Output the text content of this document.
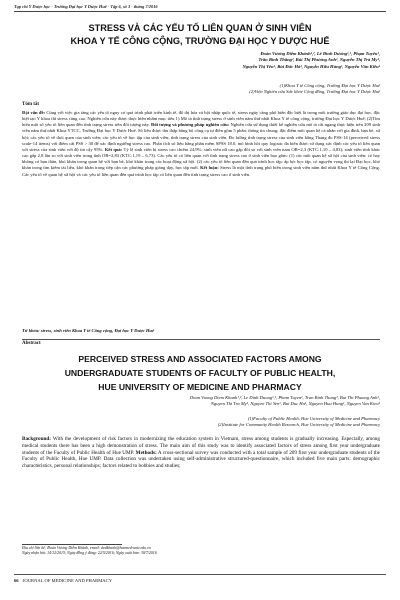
Tạp chí Y Dược học - Trường Đại học Y Dược Huế - Tập 6, số 3 - tháng 7/2016
STRESS VÀ CÁC YẾU TỐ LIÊN QUAN Ở SINH VIÊN
KHOA Y TẾ CÔNG CỘNG, TRƯỜNG ĐẠI HỌC Y DƯỢC HUẾ
Đoàn Vương Diễm Khánh¹,², Lê Đình Dương¹,², Phạm Tuyên¹,
Trần Bình Thắng², Bùi Thị Phương Anh¹, Nguyễn Thị Trà My¹,
Nguyễn Thị Yên¹, Bùi Đức Hà¹, Nguyễn Hữu Hùng¹, Nguyễn Văn Kiều¹
(1)Khoa Y tế Công cộng, Trường Đại học Y Dược Huế
(2)Viện Nghiên cứu Sức khỏe Cộng đồng, Trường Đại học Y Dược Huế
Tóm tắt

Đặt vấn đề: Cùng với việc gia tăng các yếu tố nguy cơ quá trình phát triển kinh tế, đô thị hóa và hội nhập quốc tế, stress ngày càng phổ biến đặc biệt là trong môi trường giáo dục đại học, đặc biệt tạo Y khoa thì stress càng cao. Nghiên cứu này được thực hiện nhằm mục tiêu 1) Mô tả tình trạng stress ở sinh viên năm thứ nhất Khoa Y tế công cộng, trường Đại học Y Dược Huế; (2)Tìm hiểu một số yếu tố liên quan đến tình trạng stress trên đối tượng này. Đối tượng và phương pháp nghiên cứu: Nghiên cứu sử dụng thiết kế nghiên cứu mô tả cắt ngang thực hiện trên 209 sinh viên năm thứ nhất Khoa YTCC, Trường Đại học Y Dược Huế. Số liệu được thu thập bằng bộ công cụ tự điền gồm 5 phần: thông tin chung; đặc điểm mối quan hệ cá nhân với gia đình, bạn bè, xã hội; các yếu tố về thói quen của sinh viên; các yếu tố về học tập của sinh viên; tình trạng stress của sinh viên. Đo lường tình trạng stress của sinh viên bằng Thang đo PSS-14 (perceived stress scale-14 items) với điểm cắt PSS > 30 để xác định ngưỡng stress cao. Phân tích số liệu bằng phần mềm SPSS 18.0, mô hình hồi quy logistic đa biến được sử dụng xác định các yếu tố liên quan với stress của sinh viên với độ tin cậy 95%. Kết quả: Tỷ lệ sinh viên bị stress cao chiếm 24,9%; sinh viên nữ cao gấp đôi so với sinh viên nam OR=2,3 (KTC:1,10 – 4,83); sinh viên tính khác cao gấp 2,8 lần so với sinh viên trong tỉnh OR=2,83 (KTC:1,19 – 6,73). Các yếu tố có liên quan với tình trạng stress cao ở sinh viên bao gồm: (1) các mối quan hệ xã hội của sinh viên: có hay không có bạn thân, khó khăn trong quan hệ với bạn bè, khó khăn trong các hoạt động xã hội. (2) các yếu tố liên quan đến quá trình học tập: áp lực học tập, có nguyện vọng thi lại Đại học, khó khăn trong tìm kiếm tài liệu, khó khăn trong tiếp cận các phương pháp giảng dạy, học tập mới. Kết luận: Stress là một tình trạng phổ biến trong sinh viên năm thứ nhất Khoa Y tế Công Cộng. Các yếu tố về quan hệ xã hội và các yếu tố liên quan đến quá trình học tập có liên quan đến tình trạng stress cao ở sinh viên.

Từ khóa: stress, sinh viên Khoa Y tế Công cộng, Đại học Y Dược Huế
Abstract
PERCEIVED STRESS AND ASSOCIATED FACTORS AMONG
UNDERGRADUATE STUDENTS OF FACULTY OF PUBLIC HEALTH,
HUE UNIVERSITY OF MEDICINE AND PHARMACY
Doan Vuong Diem Khanh¹,², Le Dinh Duong¹,², Pham Tuyen¹, Tran Binh Thang², Bui Thi Phuong Anh¹,
Nguyen Thi Tra My¹, Nguyen Thi Yen¹, Bui Duc Ha¹, Nguyen Huu Hung¹, Nguyen Van Kieu¹
(1)Faculty of Public Health, Hue University of Medicine and Pharmacy
(2)Institute for Community Health Research, Hue University of Medicine and Pharmacy

Background: With the development of risk factors in modernizing the education system in Vietnam, stress among students is gradually increasing. Especially, among medical students there has been a high demonstration of stress. The main aim of this study was to identify associated factors of stress among first year undergraduate students of the Faculty of Public Health of Hue UMP. Methods: A cross-sectional survey was conducted with a total sample of 209 first year undergraduate students of the Faculty of Public Health, Hue UMP. Data collection was undertaken using self-administrative structured-questionnaire, which included five main parts: demographic characteristics, personal relationships; factors related to hobbies and studies;

Địa chỉ liên hệ: Đoàn Vương Diễm Khánh, email: dvdkhanh@huemed-univ.edu.vn
Ngày nhận bài: 14/12/2015; Ngày đồng ý đăng: 22/5/2016; Ngày xuất bản: 30/7/2016
66 JOURNAL OF MEDICINE AND PHARMACY
